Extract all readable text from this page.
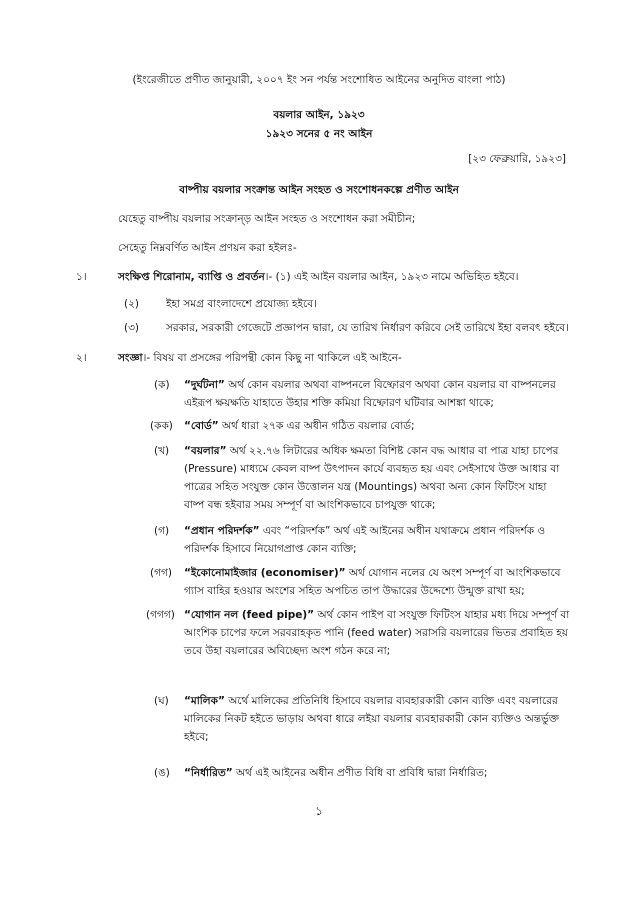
(ইংরেজীতে প্রণীত জানুয়ারী, ২০০৭ ইং সন পর্যন্ত সংশোধিত আইনের অনুদিত বাংলা পাঠ)
বয়লার আইন, ১৯২৩
১৯২৩ সনের ৫ নং আইন
[২৩ ফেব্রুয়ারি, ১৯২৩]
বাষ্পীয় বয়লার সংক্রান্ত আইন সংহত ও সংশোধনকল্পে প্রণীত আইন
যেহেতু বাষ্পীয় বয়লার সংক্রান্ড় আইন সংহত ও সংশোধন করা সমীচীন;
সেহেতু নিম্নবর্ণিত আইন প্রণয়ন করা হইলঃ-
১।	সংক্ষিপ্ত শিরোনাম, ব্যাপ্তি ও প্রবর্তন।- (১) এই আইন বয়লার আইন, ১৯২৩ নামে অভিহিত হইবে।
(২)	ইহা সমগ্র বাংলাদেশে প্রযোজ্য হইবে।
(৩)	সরকার, সরকারী গেজেটে প্রজ্ঞাপন দ্বারা, যে তারিখ নির্ধারণ করিবে সেই তারিখে ইহা বলবৎ হইবে।
২।	সংজ্ঞা।- বিষয় বা প্রসঙ্গের পরিপন্থী কোন কিছু না থাকিলে এই আইনে-
(ক) “দুর্ঘটনা” অর্থ কোন বয়লার অথবা বাষ্পনলে বিষ্ফোরণ অথবা কোন বয়লার বা বাষ্পনলের
এইরূপ ক্ষয়ক্ষতি যাহাতে উহার শক্তি কমিয়া বিষ্ফোরণ ঘটিবার আশঙ্কা থাকে;
(কক) “বোর্ড” অর্থ ধারা ২৭ক এর অধীন গঠিত বয়লার বোর্ড;
(খ) “বয়লার” অর্থ ২২.৭৬ লিটারের অধিক ক্ষমতা বিশিষ্ট কোন বদ্ধ আধার বা পাত্র যাহা চাপের
(Pressure) মাধ্যমে কেবল বাষ্প উৎপাদন কার্যে ব্যবহৃত হয় এবং সেইসাথে উক্ত আধার বা
পাত্রের সহিত সংযুক্ত কোন উত্তোলন যন্ত্র (Mountings) অথবা অন্য কোন ফিটিংস যাহা
বাষ্প বন্ধ হইবার সময় সম্পূর্ণ বা আংশিকভাবে চাপযুক্ত থাকে;
(গ) “প্রধান পরিদর্শক” এবং “পরিদর্শক” অর্থ এই আইনের অধীন যথাক্রমে প্রধান পরিদর্শক ও
পরিদর্শক হিসাবে নিয়োগপ্রাপ্ত কোন ব্যক্তি;
(গগ) “ইকোনোমাইজার (economiser)” অর্থ যোগান নলের যে অংশ সম্পূর্ণ বা আংশিকভাবে
গ্যাস বাহির হওয়ার অংশের সহিত অপচিত তাপ উদ্ধারের উদ্দেশ্যে উন্মুক্ত রাখা হয়;
(গগগ) “যোগান নল (feed pipe)” অর্থ কোন পাইপ বা সংযুক্ত ফিটিংস যাহার মধ্য দিয়ে সম্পূর্ণ বা
আংশিক চাপের ফলে সরবরাহকৃত পানি (feed water) সরাসরি বয়লারের ভিতর প্রবাহিত হয়
তবে উহা বয়লারের অবিচ্ছেদ্য অংশ গঠন করে না;
(ঘ) “মালিক” অর্থে মালিকের প্রতিনিধি হিসাবে বয়লার ব্যবহারকারী কোন ব্যক্তি এবং বয়লারের
মালিকের নিকট হইতে ভাড়ায় অথবা ধারে লইয়া বয়লার ব্যবহারকারী কোন ব্যক্তিও অন্তর্ভুক্ত
হইবে;
(ঙ) “নির্ধারিত” অর্থ এই আইনের অধীন প্রণীত বিধি বা প্রবিধি দ্বারা নির্ধারিত;
১
